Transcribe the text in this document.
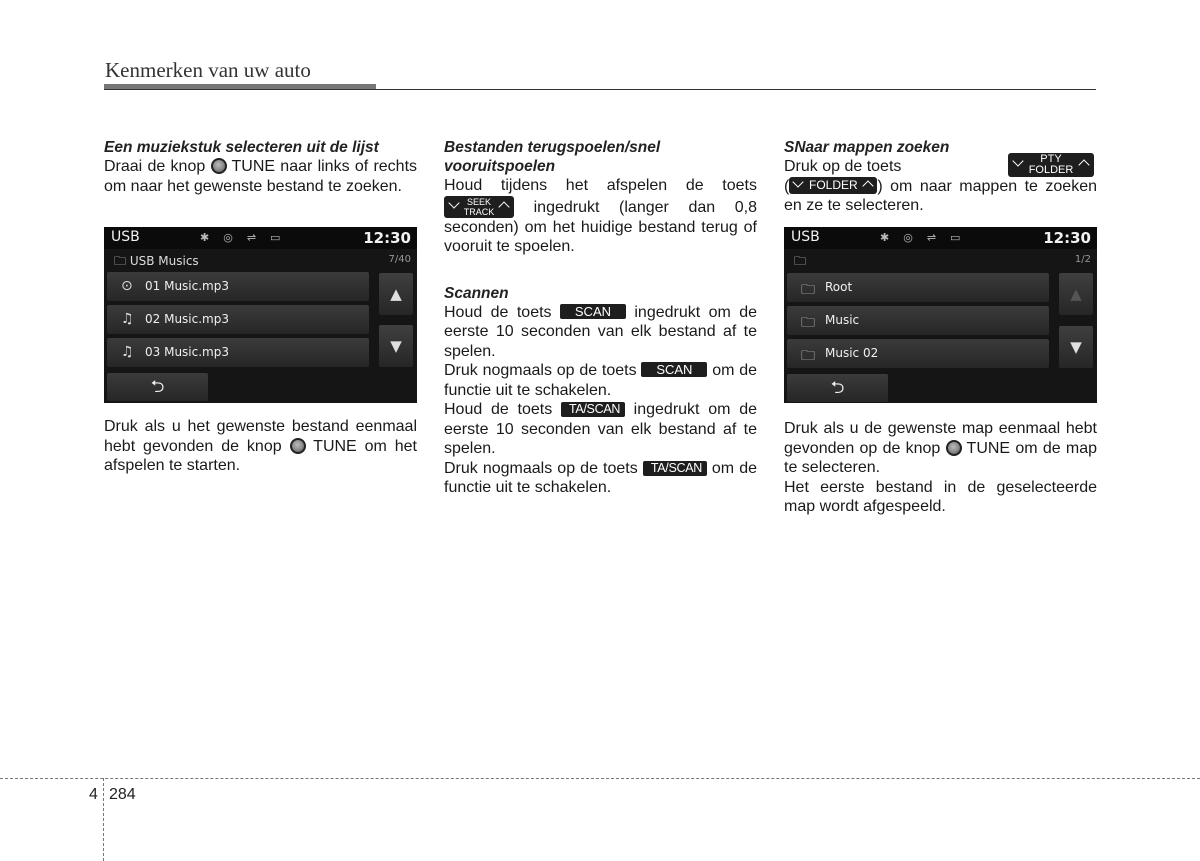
Kenmerken van uw auto
Een muziekstuk selecteren uit de lijst

Draai de knop TUNE naar links of rechts om naar het gewenste bestand te zoeken.

USB	✱◎⇌▭	12:30
🗀 USB Musics	7/40
⊙ 01 Music.mp3
♫ 02 Music.mp3
♫ 03 Music.mp3
▲
▼
⮌

Druk als u het gewenste bestand eenmaal hebt gevonden de knop TUNE om het afspelen te starten.

Bestanden terugspoelen/snel vooruitspoelen

Houd tijdens het afspelen de toets
SEEK
TRACK	ingedrukt (langer dan 0,8 seconden) om het huidige bestand terug of vooruit te spoelen.

Scannen

Houd de toets SCAN ingedrukt om de eerste 10 seconden van elk bestand af te spelen.

Druk nogmaals op de toets SCAN om de functie uit te schakelen.

Houd de toets TA/SCAN ingedrukt om de eerste 10 seconden van elk bestand af te spelen.

Druk nogmaals op de toets TA/SCAN om de functie uit te schakelen.

SNaar mappen zoeken

Druk op de toets

(	FOLDER	) om naar mappen te zoeken en ze te selecteren.

PTY
FOLDER
USB	✱◎⇌▭	12:30
🗀	1/2
🗀 Root
🗀 Music
🗀 Music 02
▲
▼
⮌

Druk als u de gewenste map eenmaal hebt gevonden op de knop TUNE om de map te selecteren.

Het eerste bestand in de geselecteerde map wordt afgespeeld.

4 284
